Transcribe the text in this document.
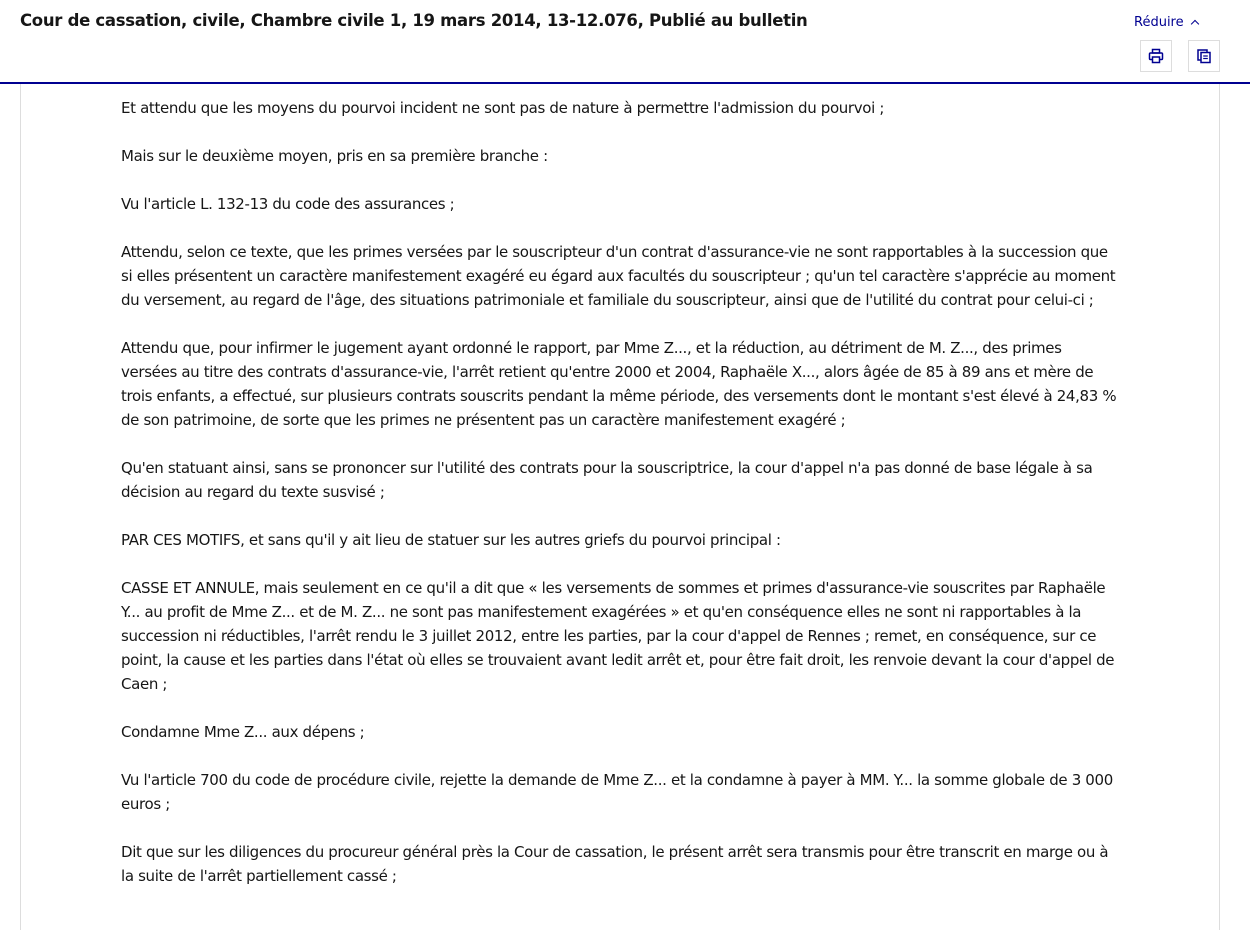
Cour de cassation, civile, Chambre civile 1, 19 mars 2014, 13-12.076, Publié au bulletin	Réduire

Et attendu que les moyens du pourvoi incident ne sont pas de nature à permettre l'admission du pourvoi ;

Mais sur le deuxième moyen, pris en sa première branche :

Vu l'article L. 132-13 du code des assurances ;

Attendu, selon ce texte, que les primes versées par le souscripteur d'un contrat d'assurance-vie ne sont rapportables à la succession que si elles présentent un caractère manifestement exagéré eu égard aux facultés du souscripteur ; qu'un tel caractère s'apprécie au moment du versement, au regard de l'âge, des situations patrimoniale et familiale du souscripteur, ainsi que de l'utilité du contrat pour celui-ci ;

Attendu que, pour infirmer le jugement ayant ordonné le rapport, par Mme Z..., et la réduction, au détriment de M. Z..., des primes versées au titre des contrats d'assurance-vie, l'arrêt retient qu'entre 2000 et 2004, Raphaële X..., alors âgée de 85 à 89 ans et mère de trois enfants, a effectué, sur plusieurs contrats souscrits pendant la même période, des versements dont le montant s'est élevé à 24,83 % de son patrimoine, de sorte que les primes ne présentent pas un caractère manifestement exagéré ;

Qu'en statuant ainsi, sans se prononcer sur l'utilité des contrats pour la souscriptrice, la cour d'appel n'a pas donné de base légale à sa décision au regard du texte susvisé ;

PAR CES MOTIFS, et sans qu'il y ait lieu de statuer sur les autres griefs du pourvoi principal :

CASSE ET ANNULE, mais seulement en ce qu'il a dit que « les versements de sommes et primes d'assurance-vie souscrites par Raphaële Y... au profit de Mme Z... et de M. Z... ne sont pas manifestement exagérées » et qu'en conséquence elles ne sont ni rapportables à la succession ni réductibles, l'arrêt rendu le 3 juillet 2012, entre les parties, par la cour d'appel de Rennes ; remet, en conséquence, sur ce point, la cause et les parties dans l'état où elles se trouvaient avant ledit arrêt et, pour être fait droit, les renvoie devant la cour d'appel de Caen ;

Condamne Mme Z... aux dépens ;

Vu l'article 700 du code de procédure civile, rejette la demande de Mme Z... et la condamne à payer à MM. Y... la somme globale de 3 000 euros ;

Dit que sur les diligences du procureur général près la Cour de cassation, le présent arrêt sera transmis pour être transcrit en marge ou à la suite de l'arrêt partiellement cassé ;
